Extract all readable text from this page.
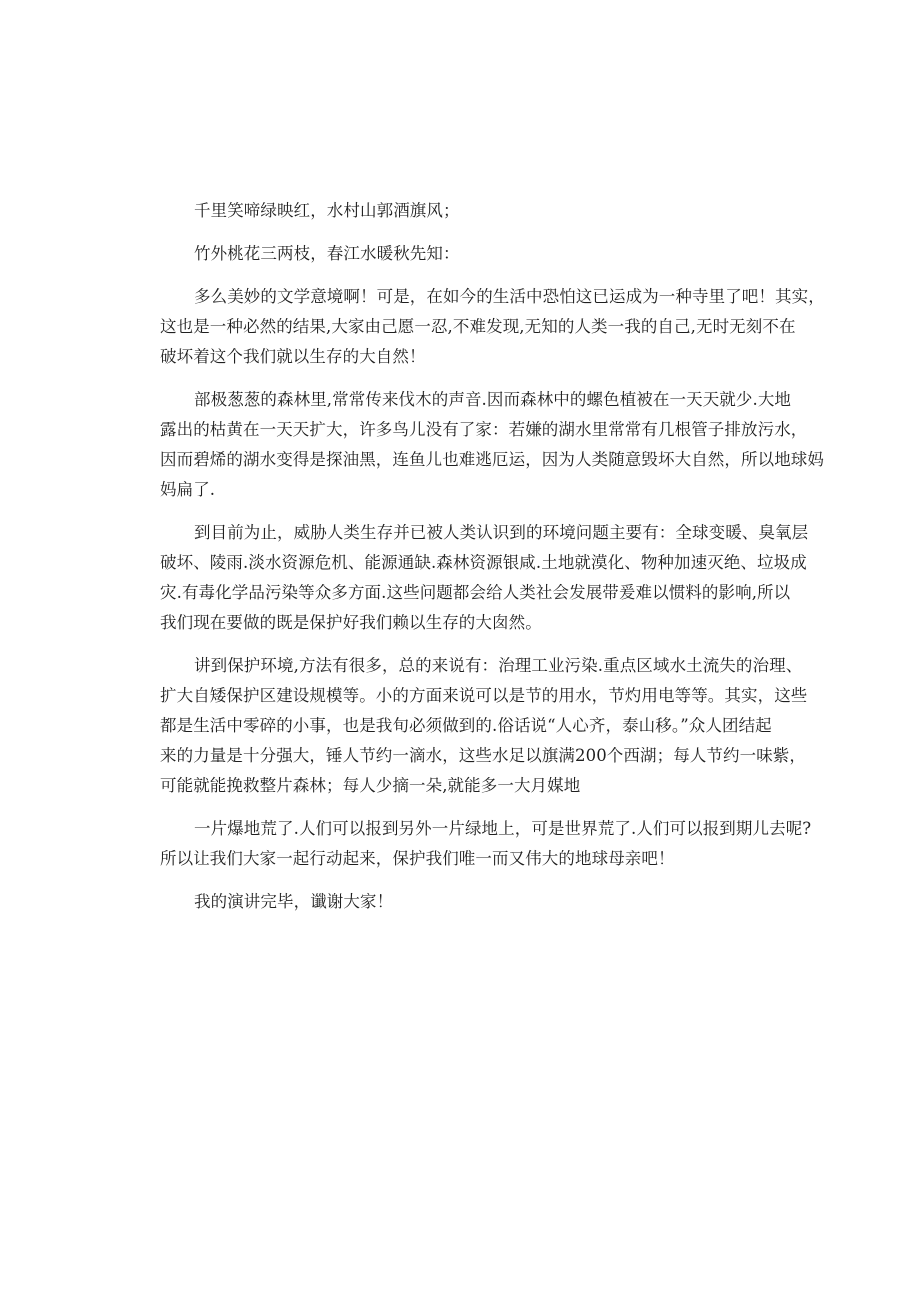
千里笑啼绿映红，水村山郭酒旗风；
竹外桃花三两枝，春江水暖秋先知：
多么美妙的文学意境啊！可是，在如今的生活中恐怕这已运成为一种寺里了吧！其实，
这也是一种必然的结果,大家由己愿一忍,不难发现,无知的人类一我的自己,无时无刻不在
破坏着这个我们就以生存的大自然！
部极葱葱的森林里,常常传来伐木的声音.因而森林中的螺色植被在一天天就少.大地
露出的枯黄在一天天扩大，许多鸟儿没有了家：若嫌的湖水里常常有几根管子排放污水，
因而碧烯的湖水变得是探油黑，连鱼儿也难逃厄运，因为人类随意毁坏大自然，所以地球妈
妈扁了.
到目前为止，威胁人类生存并已被人类认识到的环境问题主要有：全球变暖、臭氧层
破坏、陵雨.淡水资源危机、能源通缺.森林资源银咸.土地就漠化、物种加速灭绝、垃圾成
灾.有毒化学品污染等众多方面.这些问题都会给人类社会发展带爰难以惯料的影响,所以
我们现在要做的既是保护好我们赖以生存的大囱然。
讲到保护环境,方法有很多，总的来说有：治理工业污染.重点区域水土流失的治理、
扩大自矮保护区建设规模等。小的方面来说可以是节的用水，节灼用电等等。其实，这些
都是生活中零碎的小事，也是我旬必须做到的.俗话说“人心齐，泰山移。”众人团结起
来的力量是十分强大，锤人节约一滴水，这些水足以旗满200个西湖；每人节约一味紫，
可能就能挽救整片森林；每人少摘一朵,就能多一大月媒地
一片爆地荒了.人们可以报到另外一片绿地上，可是世界荒了.人们可以报到期儿去呢?
所以让我们大家一起行动起来，保护我们唯一而又伟大的地球母亲吧！
我的演讲完毕，谶谢大家！
